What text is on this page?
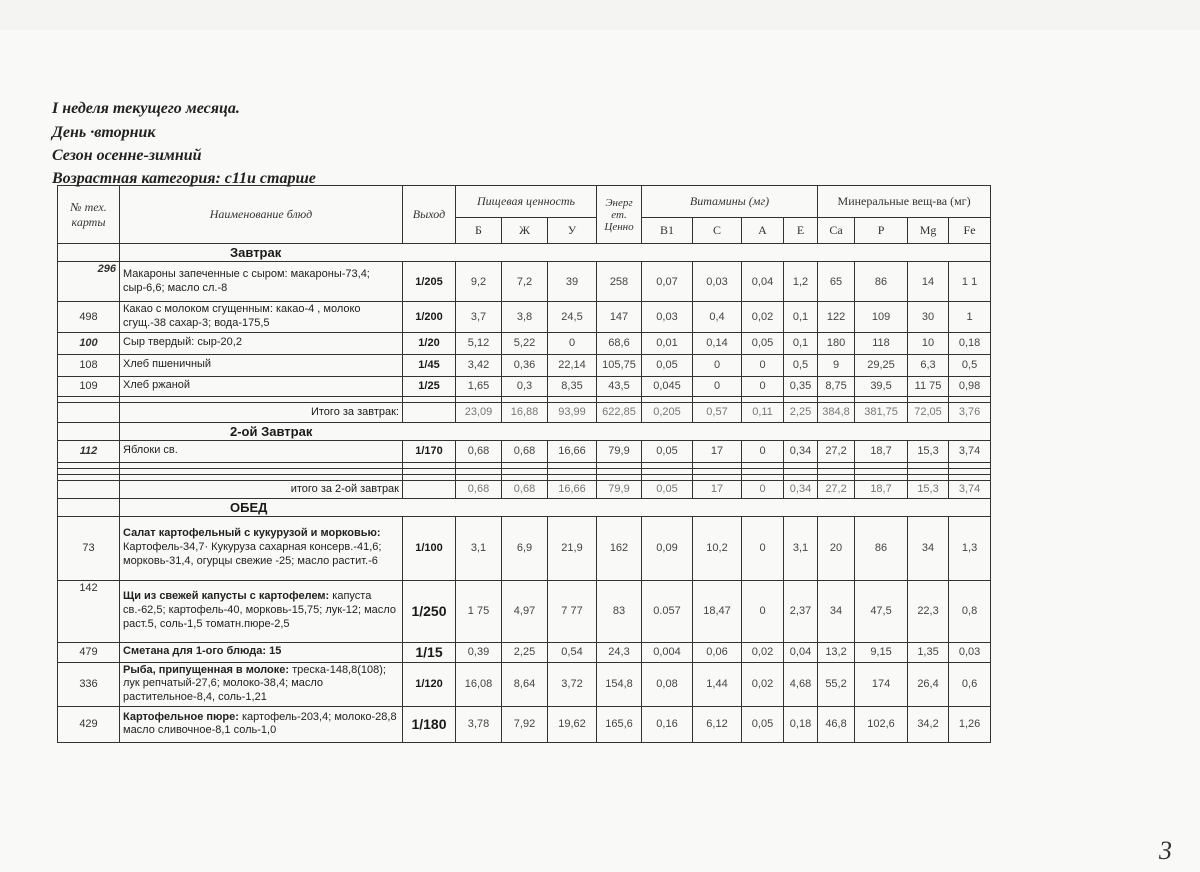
I неделя текущего месяца.
День ·вторник
Сезон осенне-зимний
Возрастная категория: с11и старше
№ тех. карты	Наименование блюд	Выход	Пищевая ценность			Энерг ет. Ценно	Витамины (мг)				Минеральные вещ-ва (мг)			
			Б	Ж	У		В1	С	А	Е	Са	Р	Mg	Fe
	Завтрак													
296	Макароны запеченные с сыром: макароны-73,4; сыр-6,6; масло сл.-8	1/205	9,2	7,2	39	258	0,07	0,03	0,04	1,2	65	86	14	1 1
498	Какао с молоком сгущенным: какао-4 , молоко сгущ.-38 сахар-3; вода-175,5	1/200	3,7	3,8	24,5	147	0,03	0,4	0,02	0,1	122	109	30	1
100	Сыр твердый: сыр-20,2	1/20	5,12	5,22	0	68,6	0,01	0,14	0,05	0,1	180	118	10	0,18
108	Хлеб пшеничный	1/45	3,42	0,36	22,14	105,75	0,05	0	0	0,5	9	29,25	6,3	0,5
109	Хлеб ржаной	1/25	1,65	0,3	8,35	43,5	0,045	0	0	0,35	8,75	39,5	11 75	0,98

	Итого за завтрак:		23,09	16,88	93,99	622,85	0,205	0,57	0,11	2,25	384,8	381,75	72,05	3,76
	2-ой Завтрак													
112	Яблоки св.	1/170	0,68	0,68	16,66	79,9	0,05	17	0	0,34	27,2	18,7	15,3	3,74

	итого за 2-ой завтрак		0,68	0,68	16,66	79,9	0,05	17	0	0,34	27,2	18,7	15,3	3,74
	ОБЕД													
73	Салат картофельный с кукурузой и морковью: Картофель-34,7· Кукуруза сахарная консерв.-41,6; морковь-31,4, огурцы свежие -25; масло растит.-6	1/100	3,1	6,9	21,9	162	0,09	10,2	0	3,1	20	86	34	1,3
142	Щи из свежей капусты с картофелем: капуста св.-62,5; картофель-40, морковь-15,75; лук-12; масло раст.5, соль-1,5 томатн.пюре-2,5	1/250	1 75	4,97	7 77	83	0.057	18,47	0	2,37	34	47,5	22,3	0,8
479	Сметана для 1-ого блюда: 15	1/15	0,39	2,25	0,54	24,3	0,004	0,06	0,02	0,04	13,2	9,15	1,35	0,03
336	Рыба, припущенная в молоке: треска-148,8(108); лук репчатый-27,6; молоко-38,4; масло растительное-8,4, соль-1,21	1/120	16,08	8,64	3,72	154,8	0,08	1,44	0,02	4,68	55,2	174	26,4	0,6
429	Картофельное пюре: картофель-203,4; молоко-28,8 масло сливочное-8,1 соль-1,0	1/180	3,78	7,92	19,62	165,6	0,16	6,12	0,05	0,18	46,8	102,6	34,2	1,26
3
